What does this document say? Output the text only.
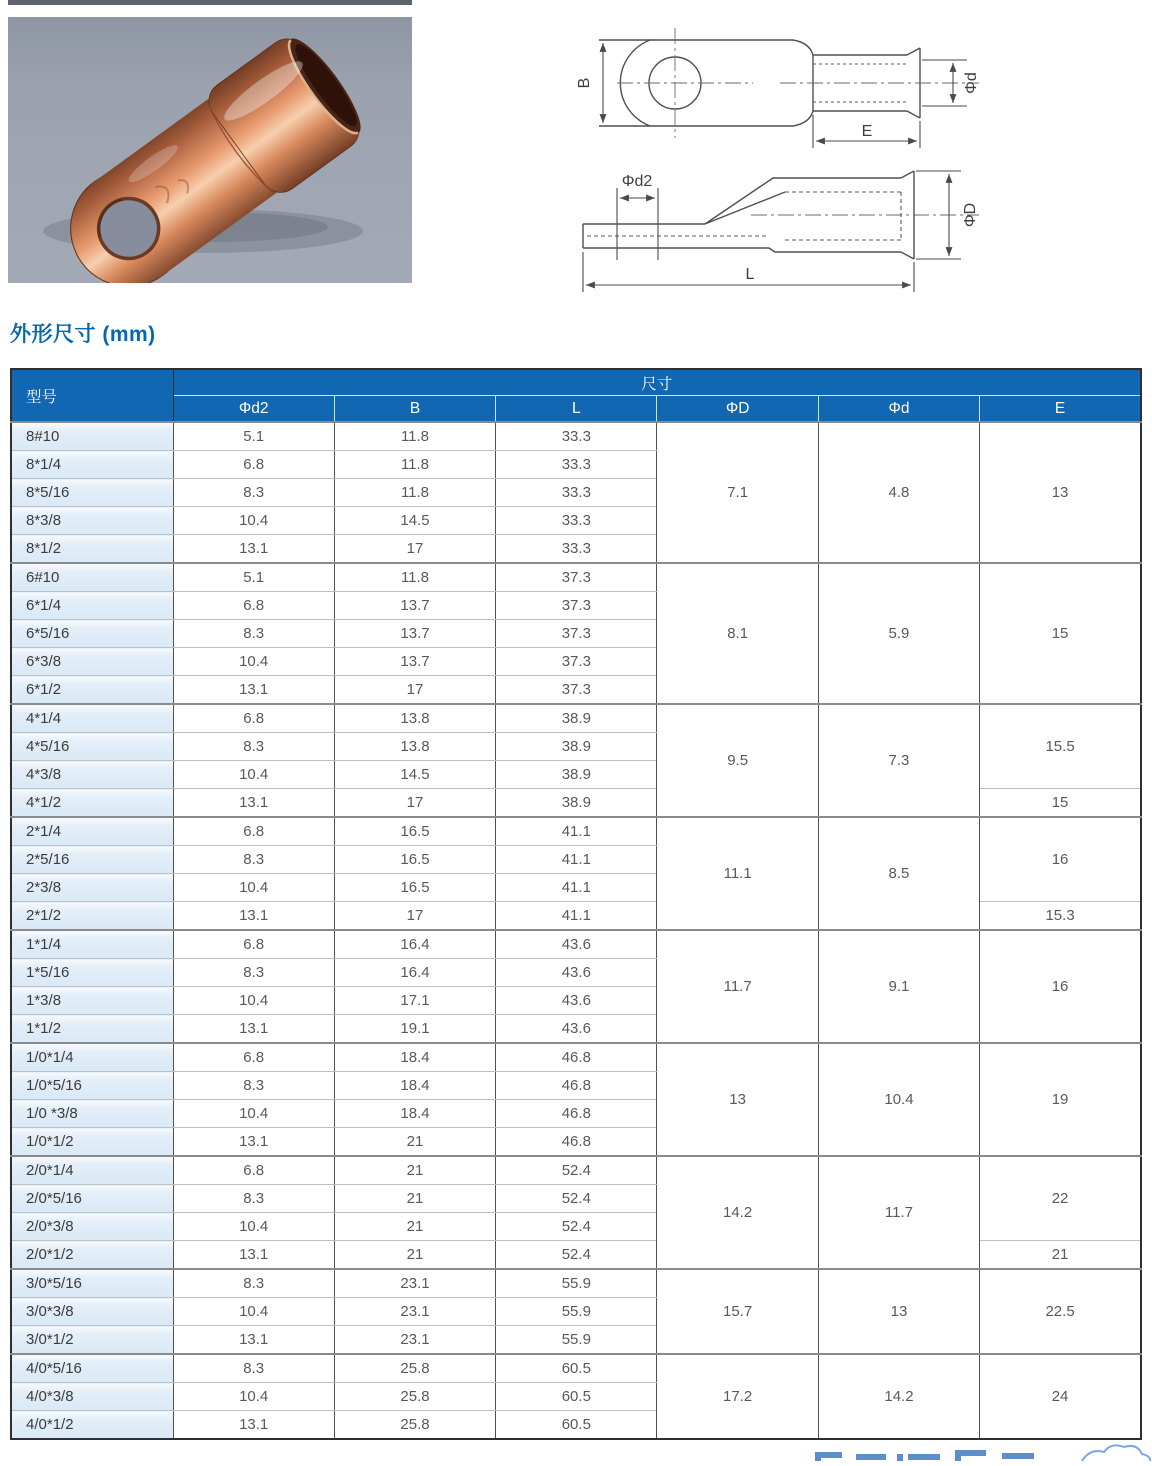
B	Φd
E
Φd2
ΦD
L
外形尺寸 (mm)
型号	尺寸					
	Φd2	B	L	ΦD	Φd	E
8#10	5.1	11.8	33.3	7.1	4.8	13
8*1/4	6.8	11.8	33.3			
8*5/16	8.3	11.8	33.3			
8*3/8	10.4	14.5	33.3			
8*1/2	13.1	17	33.3			
6#10	5.1	11.8	37.3	8.1	5.9	15
6*1/4	6.8	13.7	37.3			
6*5/16	8.3	13.7	37.3			
6*3/8	10.4	13.7	37.3			
6*1/2	13.1	17	37.3			
4*1/4	6.8	13.8	38.9	9.5	7.3	15.5
4*5/16	8.3	13.8	38.9			
4*3/8	10.4	14.5	38.9			
4*1/2	13.1	17	38.9			15
2*1/4	6.8	16.5	41.1	11.1	8.5	16
2*5/16	8.3	16.5	41.1			
2*3/8	10.4	16.5	41.1			
2*1/2	13.1	17	41.1			15.3
1*1/4	6.8	16.4	43.6	11.7	9.1	16
1*5/16	8.3	16.4	43.6			
1*3/8	10.4	17.1	43.6			
1*1/2	13.1	19.1	43.6			
1/0*1/4	6.8	18.4	46.8	13	10.4	19
1/0*5/16	8.3	18.4	46.8			
1/0 *3/8	10.4	18.4	46.8			
1/0*1/2	13.1	21	46.8			
2/0*1/4	6.8	21	52.4	14.2	11.7	22
2/0*5/16	8.3	21	52.4			
2/0*3/8	10.4	21	52.4			
2/0*1/2	13.1	21	52.4			21
3/0*5/16	8.3	23.1	55.9	15.7	13	22.5
3/0*3/8	10.4	23.1	55.9			
3/0*1/2	13.1	23.1	55.9			
4/0*5/16	8.3	25.8	60.5	17.2	14.2	24
4/0*3/8	10.4	25.8	60.5			
4/0*1/2	13.1	25.8	60.5			
